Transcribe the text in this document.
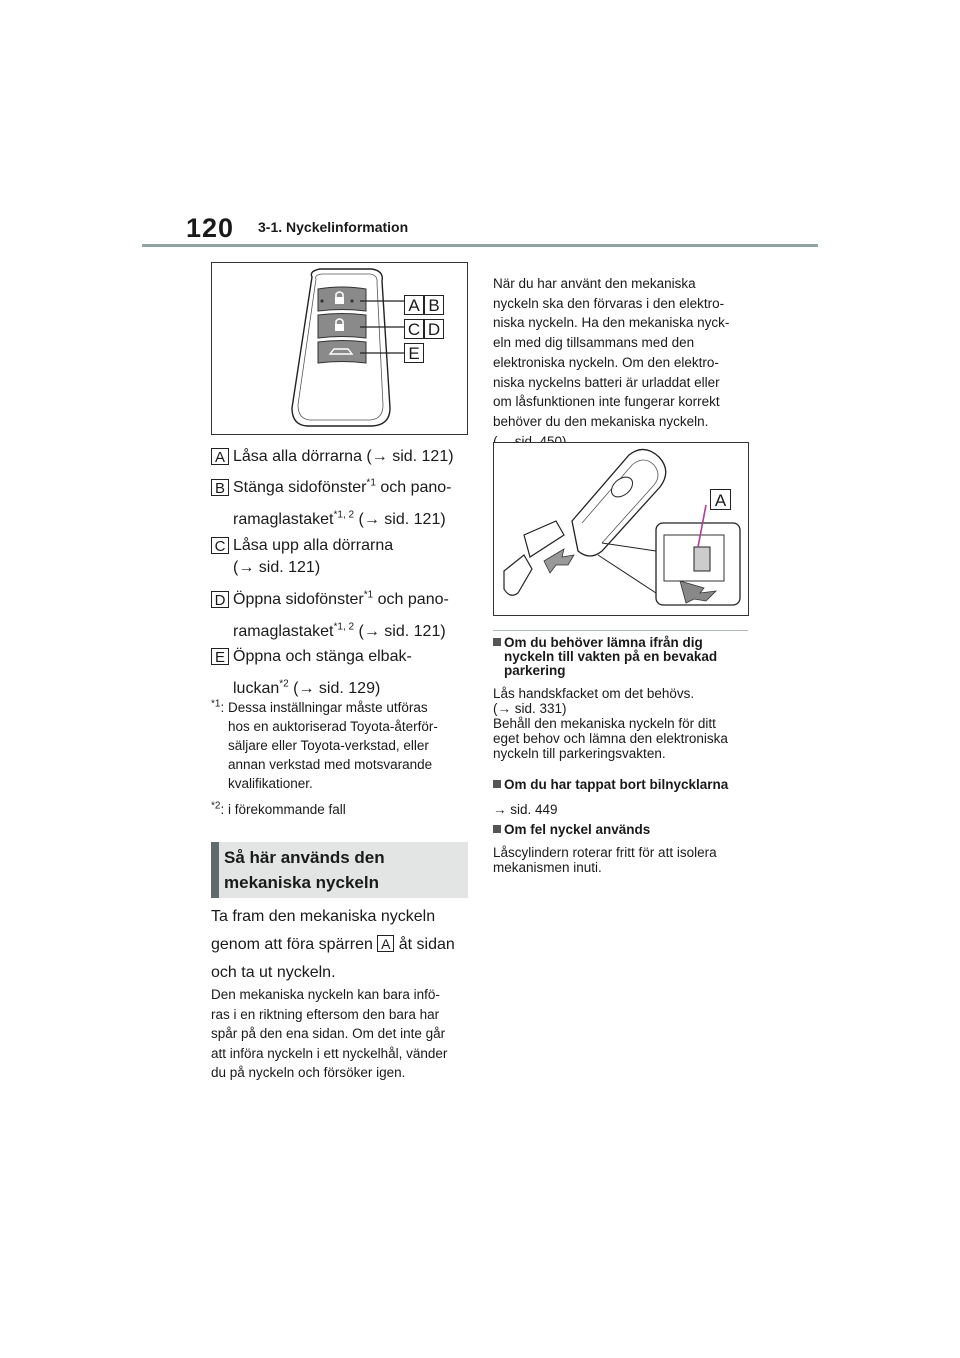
120 3-1. Nyckelinformation
A B
C D
E
A Låsa alla dörrarna (→ sid. 121)
B Stänga sidofönster$^{*1}$ och pano-
ramaglastaket$^{*1, 2}$ (→ sid. 121)
C Låsa upp alla dörrarna
(→ sid. 121)
D Öppna sidofönster$^{*1}$ och pano-
ramaglastaket$^{*1, 2}$ (→ sid. 121)
E Öppna och stänga elbak-
luckan$^{*2}$ (→ sid. 129)
$^{*1}$: Dessa inställningar måste utföras
hos en auktoriserad Toyota-återför-
säljare eller Toyota-verkstad, eller
annan verkstad med motsvarande
kvalifikationer.
$^{*2}$: i förekommande fall
Så här används den
mekaniska nyckeln
Ta fram den mekaniska nyckeln
genom att föra spärren A åt sidan
och ta ut nyckeln.
Den mekaniska nyckeln kan bara infö-
ras i en riktning eftersom den bara har
spår på den ena sidan. Om det inte går
att införa nyckeln i ett nyckelhål, vänder
du på nyckeln och försöker igen.
När du har använt den mekaniska
nyckeln ska den förvaras i den elektro-
niska nyckeln. Ha den mekaniska nyck-
eln med dig tillsammans med den
elektroniska nyckeln. Om den elektro-
niska nyckelns batteri är urladdat eller
om låsfunktionen inte fungerar korrekt
behöver du den mekaniska nyckeln.
A
Om du behöver lämna ifrån dig
nyckeln till vakten på en bevakad
parkering
Lås handskfacket om det behövs.
(→ sid. 331)
Behåll den mekaniska nyckeln för ditt
eget behov och lämna den elektroniska
nyckeln till parkeringsvakten.
Om du har tappat bort bilnycklarna
→ sid. 449
Om fel nyckel används
Låscylindern roterar fritt för att isolera
mekanismen inuti.
